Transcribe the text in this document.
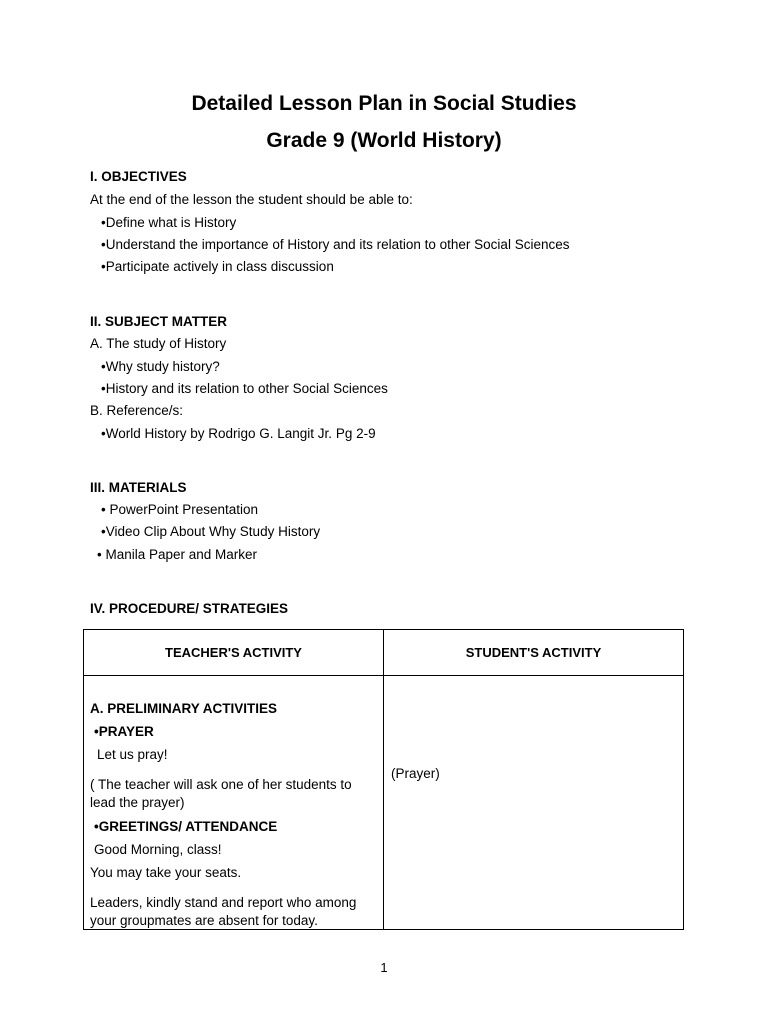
Detailed Lesson Plan in Social Studies
Grade 9 (World History)
I. OBJECTIVES
At the end of the lesson the student should be able to:
•Define what is History
•Understand the importance of History and its relation to other Social Sciences
•Participate actively in class discussion
II. SUBJECT MATTER
A. The study of History
•Why study history?
•History and its relation to other Social Sciences
B. Reference/s:
•World History by Rodrigo G. Langit Jr. Pg 2-9
III. MATERIALS
• PowerPoint Presentation
•Video Clip About Why Study History
• Manila Paper and Marker
IV. PROCEDURE/ STRATEGIES
TEACHER'S ACTIVITY	STUDENT'S ACTIVITY
A. PRELIMINARY ACTIVITIES
•PRAYER
Let us pray!
( The teacher will ask one of her students to
lead the prayer)
•GREETINGS/ ATTENDANCE
Good Morning, class!
You may take your seats.
Leaders, kindly stand and report who among
your groupmates are absent for today.
(Prayer)
1
